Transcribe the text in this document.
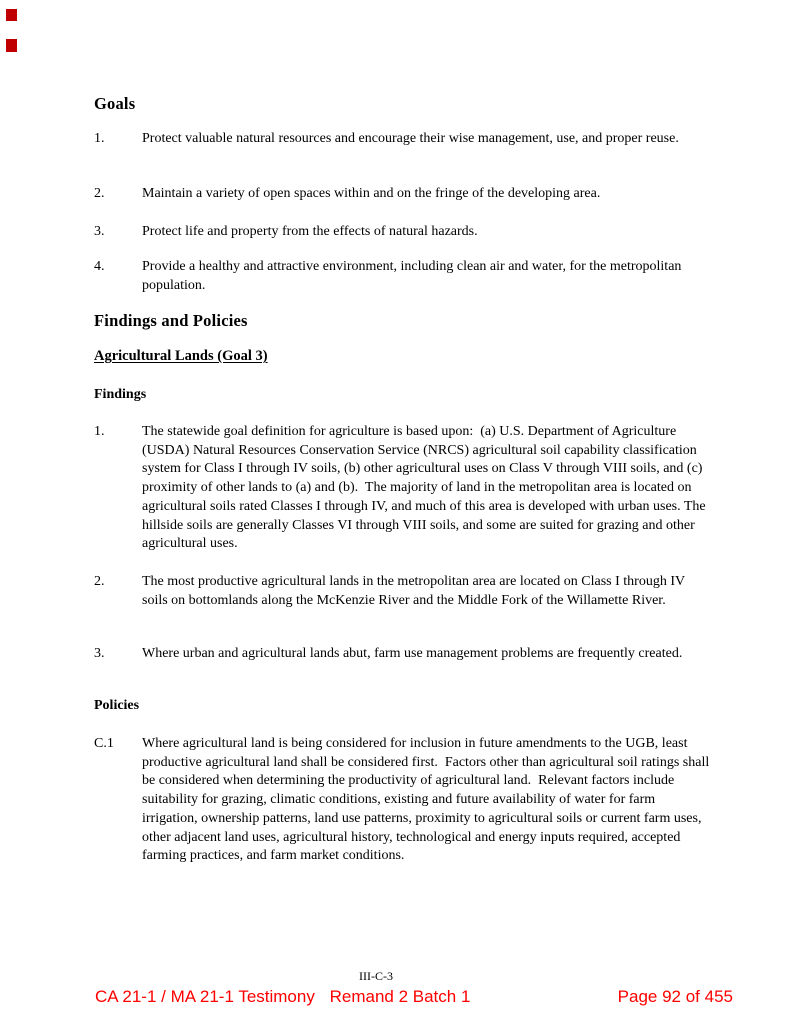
Goals
1.	Protect valuable natural resources and encourage their wise management, use, and proper reuse.
2.	Maintain a variety of open spaces within and on the fringe of the developing area.
3.	Protect life and property from the effects of natural hazards.
4.	Provide a healthy and attractive environment, including clean air and water, for the metropolitan population.
Findings and Policies
Agricultural Lands (Goal 3)
Findings
1.	The statewide goal definition for agriculture is based upon:  (a) U.S. Department of Agriculture (USDA) Natural Resources Conservation Service (NRCS) agricultural soil capability classification system for Class I through IV soils, (b) other agricultural uses on Class V through VIII soils, and (c) proximity of other lands to (a) and (b).  The majority of land in the metropolitan area is located on agricultural soils rated Classes I through IV, and much of this area is developed with urban uses. The hillside soils are generally Classes VI through VIII soils, and some are suited for grazing and other agricultural uses.
2.	The most productive agricultural lands in the metropolitan area are located on Class I through IV soils on bottomlands along the McKenzie River and the Middle Fork of the Willamette River.
3.	Where urban and agricultural lands abut, farm use management problems are frequently created.
Policies
C.1	Where agricultural land is being considered for inclusion in future amendments to the UGB, least productive agricultural land shall be considered first.  Factors other than agricultural soil ratings shall be considered when determining the productivity of agricultural land.  Relevant factors include suitability for grazing, climatic conditions, existing and future availability of water for farm irrigation, ownership patterns, land use patterns, proximity to agricultural soils or current farm uses, other adjacent land uses, agricultural history, technological and energy inputs required, accepted farming practices, and farm market conditions.
III-C-3
CA 21-1 / MA 21-1 Testimony Remand 2 Batch 1	Page 92 of 455
